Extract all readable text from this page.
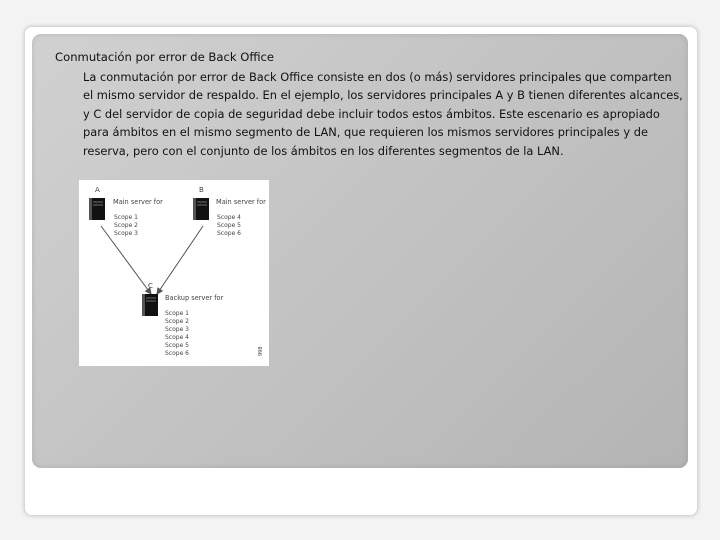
Conmutación por error de Back Office
La conmutación por error de Back Office consiste en dos (o más) servidores principales que comparten el mismo servidor de respaldo. En el ejemplo, los servidores principales A y B tienen diferentes alcances, y C del servidor de copia de seguridad debe incluir todos estos ámbitos. Este escenario es apropiado para ámbitos en el mismo segmento de LAN, que requieren los mismos servidores principales y de reserva, pero con el conjunto de los ámbitos en los diferentes segmentos de la LAN.
A
Main server for
Scope 1
Scope 2
Scope 3
B
Main server for
Scope 4
Scope 5
Scope 6
C
Backup server for
Scope 1
Scope 2
Scope 3
Scope 4
Scope 5
Scope 6	998
